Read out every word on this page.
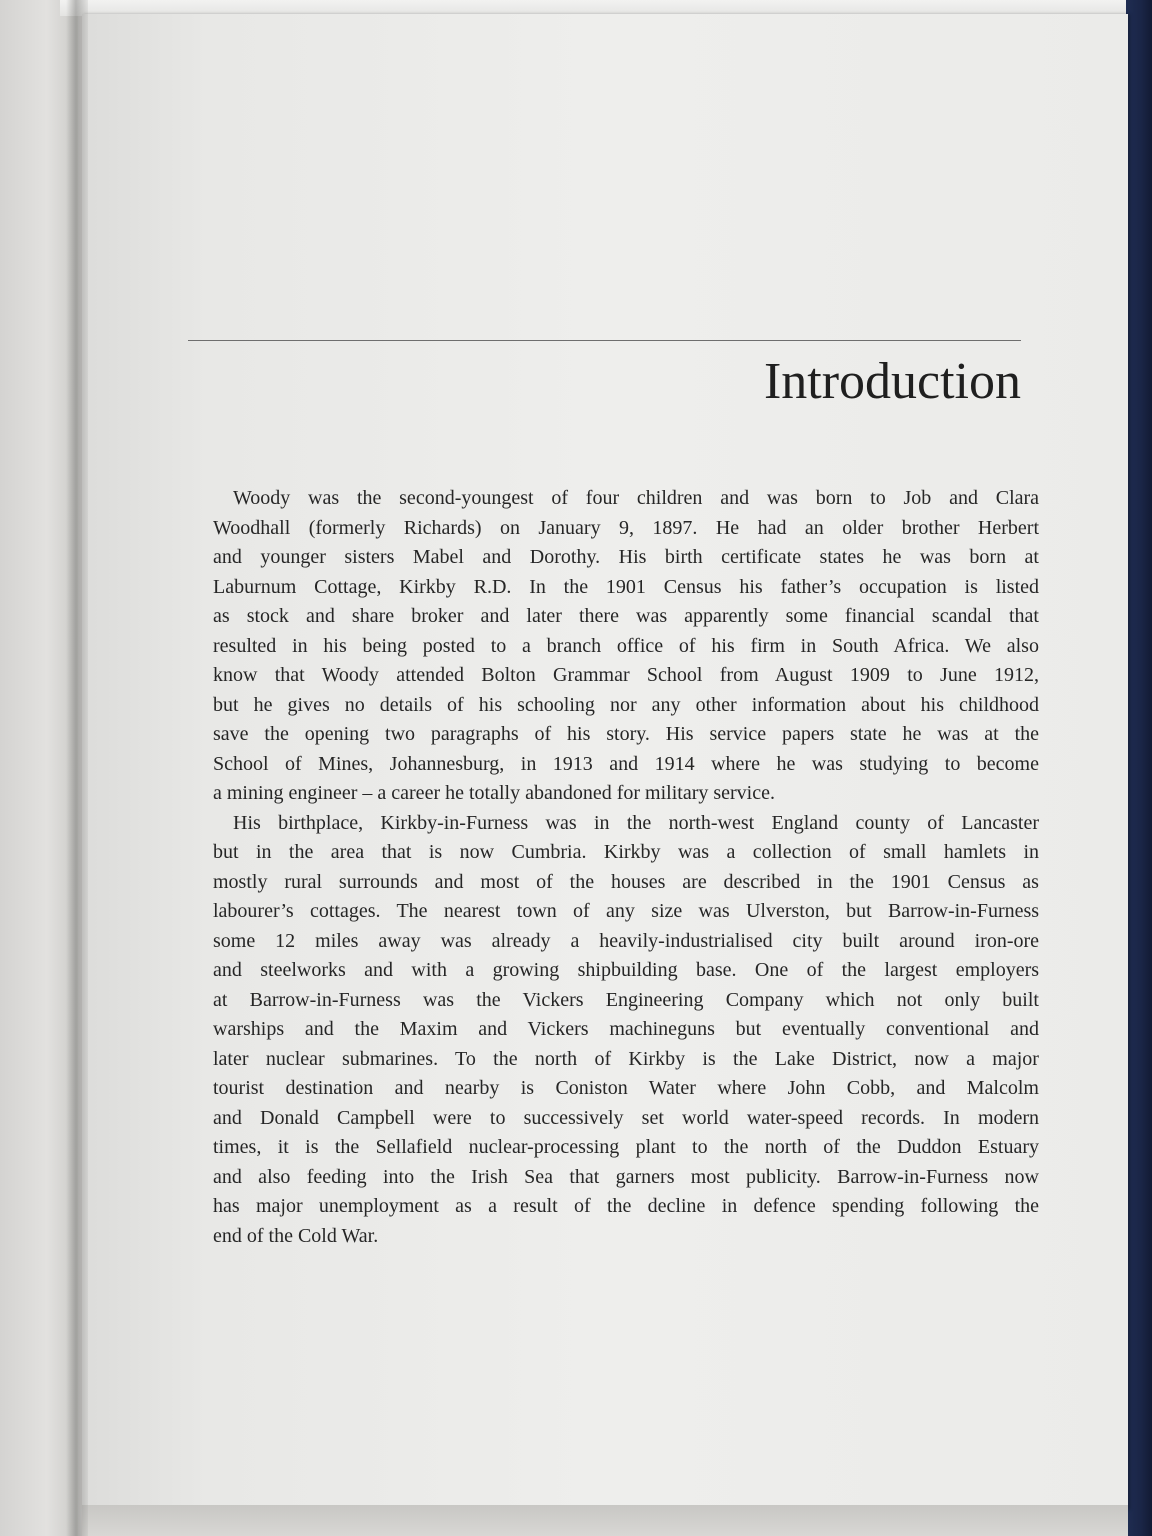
Introduction

Woody was the second-youngest of four children and was born to Job and Clara
Woodhall (formerly Richards) on January 9, 1897. He had an older brother Herbert
and younger sisters Mabel and Dorothy. His birth certificate states he was born at
Laburnum Cottage, Kirkby R.D. In the 1901 Census his father’s occupation is listed
as stock and share broker and later there was apparently some financial scandal that
resulted in his being posted to a branch office of his firm in South Africa. We also
know that Woody attended Bolton Grammar School from August 1909 to June 1912,
but he gives no details of his schooling nor any other information about his childhood
save the opening two paragraphs of his story. His service papers state he was at the
School of Mines, Johannesburg, in 1913 and 1914 where he was studying to become
a mining engineer – a career he totally abandoned for military service.

His birthplace, Kirkby-in-Furness was in the north-west England county of Lancaster
but in the area that is now Cumbria. Kirkby was a collection of small hamlets in
mostly rural surrounds and most of the houses are described in the 1901 Census as
labourer’s cottages. The nearest town of any size was Ulverston, but Barrow-in-Furness
some 12 miles away was already a heavily-industrialised city built around iron-ore
and steelworks and with a growing shipbuilding base. One of the largest employers
at Barrow-in-Furness was the Vickers Engineering Company which not only built
warships and the Maxim and Vickers machineguns but eventually conventional and
later nuclear submarines. To the north of Kirkby is the Lake District, now a major
tourist destination and nearby is Coniston Water where John Cobb, and Malcolm
and Donald Campbell were to successively set world water-speed records. In modern
times, it is the Sellafield nuclear-processing plant to the north of the Duddon Estuary
and also feeding into the Irish Sea that garners most publicity. Barrow-in-Furness now
has major unemployment as a result of the decline in defence spending following the
end of the Cold War.
